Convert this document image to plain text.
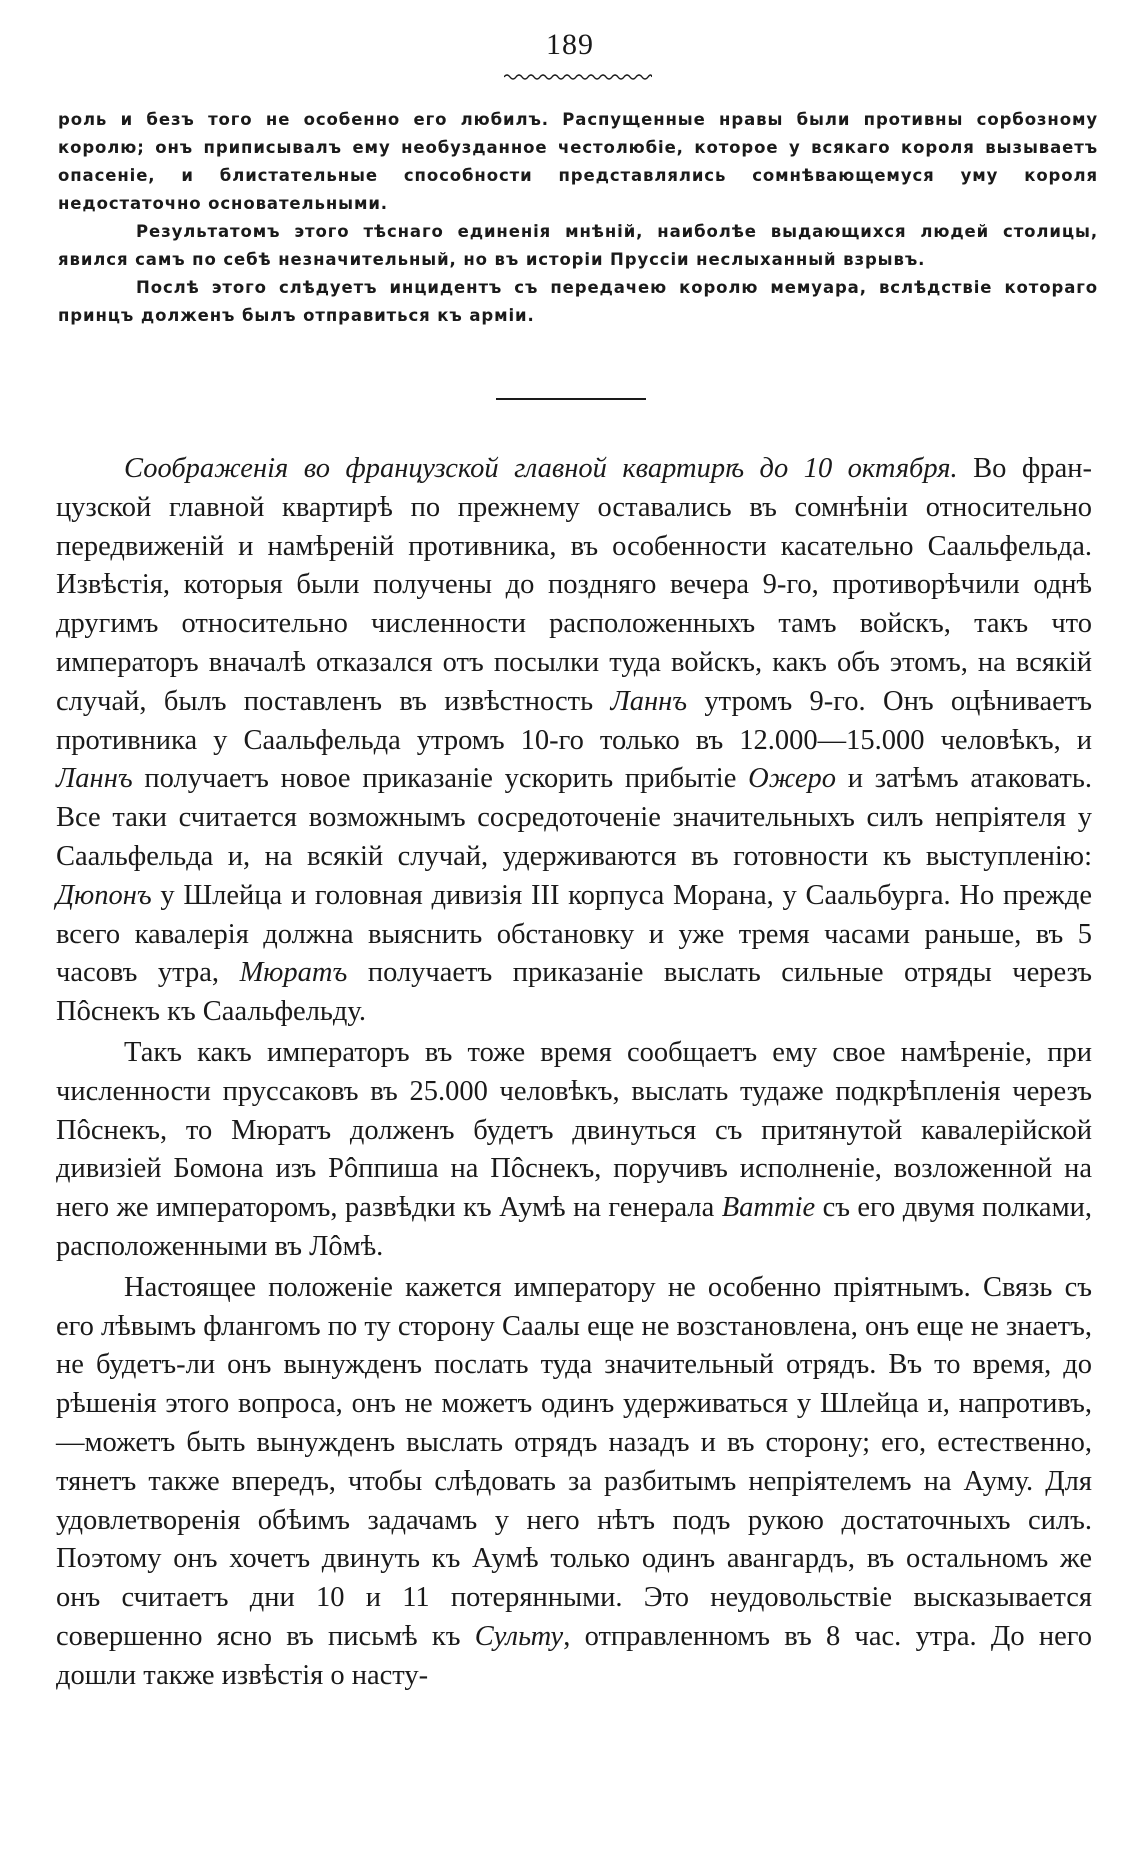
189

роль и безъ того не особенно его любилъ. Распущенные нравы были противны сорбозному королю; онъ приписывалъ ему необузданное честолюбіе, которое у всякаго короля вызываетъ опасеніе, и блистательные способности представлялись сомнѣвающемуся уму короля недостаточно основательными.

Результатомъ этого тѣснаго единенія мнѣній, наиболѣе выдающихся людей столицы, явился самъ по себѣ незначительный, но въ исторіи Пруссіи неслыханный взрывъ.

Послѣ этого слѣдуетъ инцидентъ съ передачею королю мемуара, вслѣдствіе котораго принцъ долженъ былъ отправиться къ арміи.

Соображенія во французской главной квартирѣ до 10 октября. Во французской главной квартирѣ по прежнему оставались въ сомнѣніи относительно передвиженій и намѣреній противника, въ особенности касательно Саальфельда. Извѣстія, которыя были получены до поздняго вечера 9-го, противорѣчили однѣ другимъ относительно численности расположенныхъ тамъ войскъ, такъ что императоръ вначалѣ отказался отъ посылки туда войскъ, какъ объ этомъ, на всякій случай, былъ поставленъ въ извѣстность Ланнъ утромъ 9-го. Онъ оцѣниваетъ противника у Саальфельда утромъ 10-го только въ 12.000—15.000 человѣкъ, и Ланнъ получаетъ новое приказаніе ускорить прибытіе Ожеро и затѣмъ атаковать. Все таки считается возможнымъ сосредоточеніе значительныхъ силъ непріятеля у Саальфельда и, на всякій случай, удерживаются въ готовности къ выступленію: Дюпонъ у Шлейца и головная дивизія III корпуса Морана, у Саальбурга. Но прежде всего кавалерія должна выяснить обстановку и уже тремя часами раньше, въ 5 часовъ утра, Мюратъ получаетъ приказаніе выслать сильные отряды черезъ Пôснекъ къ Саальфельду.

Такъ какъ императоръ въ тоже время сообщаетъ ему свое намѣреніе, при численности пруссаковъ въ 25.000 человѣкъ, выслать тудаже подкрѣпленія черезъ Пôснекъ, то Мюратъ долженъ будетъ двинуться съ притянутой кавалерійской дивизіей Бомона изъ Рôппиша на Пôснекъ, поручивъ исполненіе, возложенной на него же императоромъ, развѣдки къ Аумѣ на генерала Ваттіе съ его двумя полками, расположенными въ Лôмѣ.

Настоящее положеніе кажется императору не особенно пріятнымъ. Связь съ его лѣвымъ флангомъ по ту сторону Саалы еще не возстановлена, онъ еще не знаетъ, не будетъ-ли онъ вынужденъ послать туда значительный отрядъ. Въ то время, до рѣшенія этого вопроса, онъ не можетъ одинъ удерживаться у Шлейца и, напротивъ,—можетъ быть вынужденъ выслать отрядъ назадъ и въ сторону; его, естественно, тянетъ также впередъ, чтобы слѣдовать за разбитымъ непріятелемъ на Ауму. Для удовлетворенія обѣимъ задачамъ у него нѣтъ подъ рукою достаточныхъ силъ. Поэтому онъ хочетъ двинуть къ Аумѣ только одинъ авангардъ, въ остальномъ же онъ считаетъ дни 10 и 11 потерянными. Это неудовольствіе высказывается совершенно ясно въ письмѣ къ Сульту, отправленномъ въ 8 час. утра. До него дошли также извѣстія о насту-
